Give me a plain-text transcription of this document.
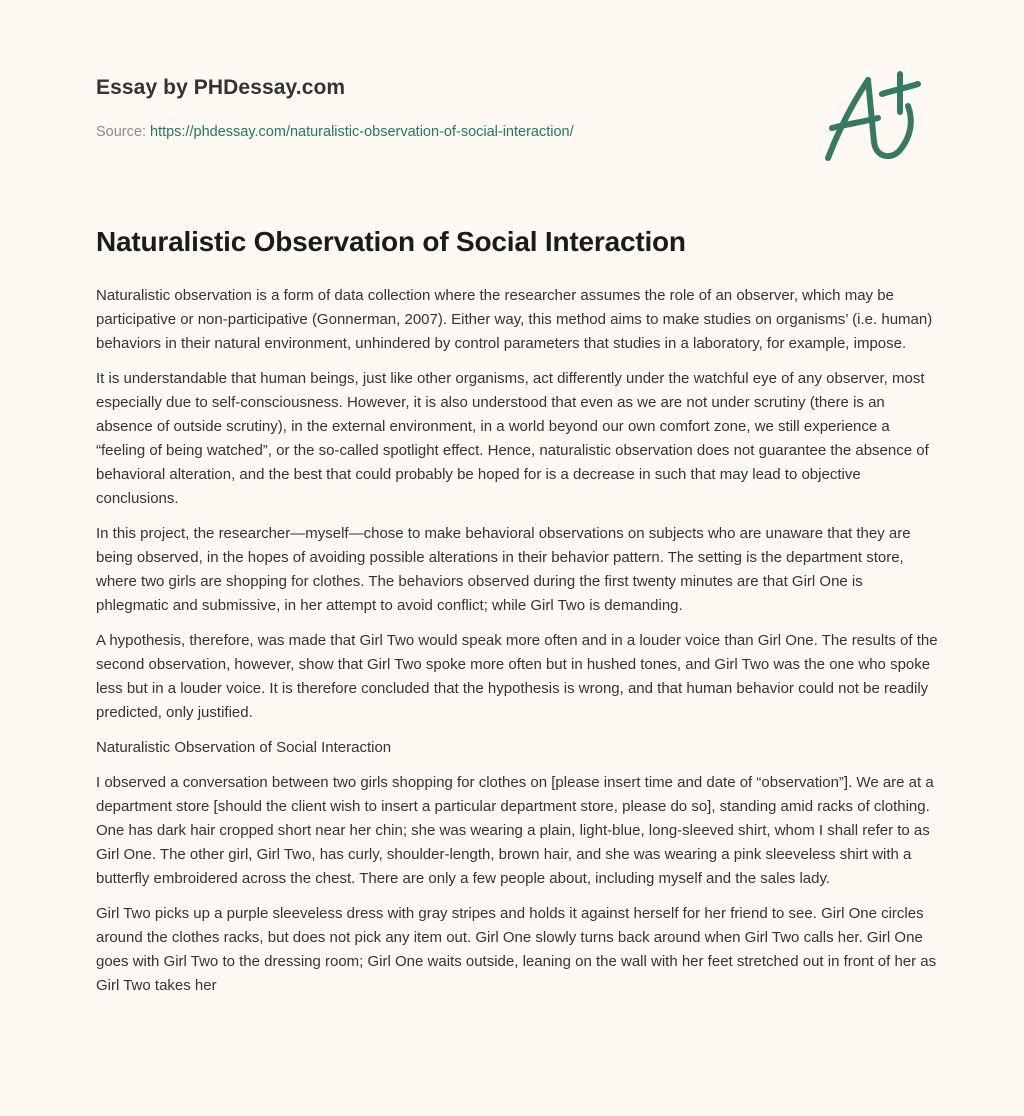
Essay by PHDessay.com
Source: https://phdessay.com/naturalistic-observation-of-social-interaction/
Naturalistic Observation of Social Interaction

Naturalistic observation is a form of data collection where the researcher assumes the role of an observer, which may be participative or non-participative (Gonnerman, 2007). Either way, this method aims to make studies on organisms’ (i.e. human) behaviors in their natural environment, unhindered by control parameters that studies in a laboratory, for example, impose.

It is understandable that human beings, just like other organisms, act differently under the watchful eye of any observer, most especially due to self-consciousness. However, it is also understood that even as we are not under scrutiny (there is an absence of outside scrutiny), in the external environment, in a world beyond our own comfort zone, we still experience a “feeling of being watched”, or the so-called spotlight effect. Hence, naturalistic observation does not guarantee the absence of behavioral alteration, and the best that could probably be hoped for is a decrease in such that may lead to objective conclusions.

In this project, the researcher—myself—chose to make behavioral observations on subjects who are unaware that they are being observed, in the hopes of avoiding possible alterations in their behavior pattern. The setting is the department store, where two girls are shopping for clothes. The behaviors observed during the first twenty minutes are that Girl One is phlegmatic and submissive, in her attempt to avoid conflict; while Girl Two is demanding.

A hypothesis, therefore, was made that Girl Two would speak more often and in a louder voice than Girl One. The results of the second observation, however, show that Girl Two spoke more often but in hushed tones, and Girl Two was the one who spoke less but in a louder voice. It is therefore concluded that the hypothesis is wrong, and that human behavior could not be readily predicted, only justified.

Naturalistic Observation of Social Interaction

I observed a conversation between two girls shopping for clothes on [please insert time and date of “observation”]. We are at a department store [should the client wish to insert a particular department store, please do so], standing amid racks of clothing. One has dark hair cropped short near her chin; she was wearing a plain, light-blue, long-sleeved shirt, whom I shall refer to as Girl One. The other girl, Girl Two, has curly, shoulder-length, brown hair, and she was wearing a pink sleeveless shirt with a butterfly embroidered across the chest. There are only a few people about, including myself and the sales lady.

Girl Two picks up a purple sleeveless dress with gray stripes and holds it against herself for her friend to see. Girl One circles around the clothes racks, but does not pick any item out. Girl One slowly turns back around when Girl Two calls her. Girl One goes with Girl Two to the dressing room; Girl One waits outside, leaning on the wall with her feet stretched out in front of her as Girl Two takes her
